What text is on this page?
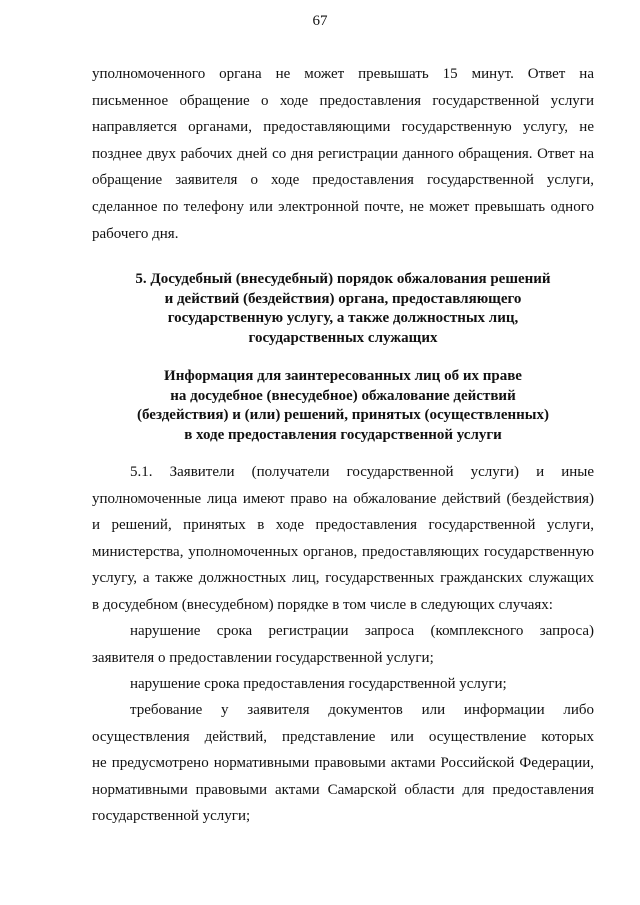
67
уполномоченного органа не может превышать 15 минут. Ответ на
письменное обращение о ходе предоставления государственной услуги
направляется органами, предоставляющими государственную услугу, не
позднее двух рабочих дней со дня регистрации данного обращения. Ответ на
обращение заявителя о ходе предоставления государственной услуги,
сделанное по телефону или электронной почте, не может превышать одного
рабочего дня.
5. Досудебный (внесудебный) порядок обжалования решений
и действий (бездействия) органа, предоставляющего
государственную услугу, а также должностных лиц,
государственных служащих
Информация для заинтересованных лиц об их праве
на досудебное (внесудебное) обжалование действий
(бездействия) и (или) решений, принятых (осуществленных)
в ходе предоставления государственной услуги
5.1. Заявители (получатели государственной услуги) и иные
уполномоченные лица имеют право на обжалование действий (бездействия)
и решений, принятых в ходе предоставления государственной услуги,
министерства, уполномоченных органов, предоставляющих государственную
услугу, а также должностных лиц, государственных гражданских служащих
в досудебном (внесудебном) порядке в том числе в следующих случаях:
нарушение срока регистрации запроса (комплексного запроса)
заявителя о предоставлении государственной услуги;
нарушение срока предоставления государственной услуги;
требование у заявителя документов или информации либо
осуществления действий, представление или осуществление которых
не предусмотрено нормативными правовыми актами Российской Федерации,
нормативными правовыми актами Самарской области для предоставления
государственной услуги;
